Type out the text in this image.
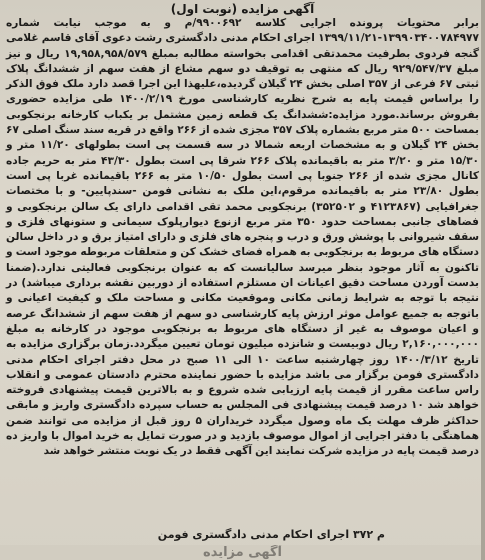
آگهی مزایده (نوبت اول)

برابر محتویات پرونده اجرایی کلاسه ۹۹۰۰۶۹۲/م و به موجب نیابت شماره ۱۳۹۹۰۳۴۰۰۷۸۴۹۷۷-۱۳۹۹/۱۱/۲۱ اجرای احکام مدنی دادگستری رشت دعوی آقای قاسم غلامی گنجه فردوی بطرفیت محمدتقی اقدامی بخواسته مطالبه بمبلغ ۱۹,۹۵۸,۹۵۸/۵۷۹ ریال و نیز مبلغ ۹۲۹/۵۴۷/۳۷ ریال که منتهی به توقیف دو سهم مشاع از هفت سهم از ششدانگ پلاک ثبتی ۶۷ فرعی از ۳۵۷ اصلی بخش ۲۴ گیلان گردیده،علیهذا این اجرا قصد دارد ملک فوق الذکر را براساس قیمت پایه به شرح نظریه کارشناسی مورخ ۱۴۰۰/۲/۱۹ طی مزایده حضوری بفروش برساند.مورد مزایده:ششدانگ یک قطعه زمین مشتمل بر یکباب کارخانه برنجکوبی بمساحت ۵۰۰ متر مربع بشماره پلاک ۳۵۷ مجزی شده از ۲۶۶ واقع در قریه سند سنگ اصلی ۶۷ بخش ۲۴ گیلان و به مشخصات اربعه شمالا در سه قسمت پی است بطولهای ۱۱/۲۰ متر و ۱۵/۳۰ متر و ۳/۲۰ متر به باقیمانده پلاک ۲۶۶ شرقا پی است بطول ۴۳/۳۰ متر به حریم جاده کانال مجزی شده از ۲۶۶ جنوبا پی است بطول ۱۰/۵۰ متر به ۲۶۶ باقیمانده غربا پی است بطول ۲۳/۸۰ متر به باقیمانده مرقوم،این ملک به نشانی فومن -سندپایین- و با مختصات جغرافیایی (۴۱۲۳۸۶۷ و ۳۵۲۵۰۲) برنجکوبی محمد تقی اقدامی دارای یک سالن برنجکوبی و فضاهای جانبی بمساحت حدود ۳۵۰ متر مربع ازنوع دیوارپلوک سیمانی و ستونهای فلزی و سقف شیروانی با پوشش ورق و درب و پنجره های فلزی و دارای امتیاز برق و در داخل سالن دستگاه های مربوط به برنجکوبی به همراه فضای خشک کن و متعلقات مربوطه موجود است و تاکنون به آثار موجود بنظر میرسد سالیانست که به عنوان برنجکوبی فعالیتی ندارد.(ضمنا بدست آوردن مساحت دقیق اعیانات ان مستلزم استفاده از دوربین نقشه برداری میباشد) در نتیجه با توجه به شرایط زمانی مکانی وموقعیت مکانی و مساحت ملک و کیفیت اعیانی و باتوجه به جمیع عوامل موثر ارزش پایه کارشناسی دو سهم از هفت سهم از ششدانگ عرصه و اعیان موصوف به غیر از دستگاه های مربوط به برنجکوبی موجود در کارخانه به مبلغ ۲,۱۶۰,۰۰۰,۰۰۰ ریال دوبیست و شانزده میلیون تومان تعیین میگردد.زمان برگزاری مزایده به تاریخ ۱۴۰۰/۳/۱۲ روز چهارشنبه ساعت ۱۰ الی ۱۱ صبح در محل دفتر اجرای احکام مدنی دادگستری فومن برگزار می باشد مزایده با حضور نماینده محترم دادستان عمومی و انقلاب راس ساعت مقرر از قیمت پایه ارزیابی شده شروع و به بالاترین قیمت پیشنهادی فروخته خواهد شد ۱۰ درصد قیمت پیشنهادی فی المجلس به حساب سپرده دادگستری واریز و مابقی حداکثر ظرف مهلت یک ماه وصول میگردد خریداران ۵ روز قبل از مزایده می توانند ضمن هماهنگی با دفتر اجرایی از اموال موصوف بازدید و در صورت تمایل به خرید اموال با واریز ده درصد قیمت پایه در مزایده شرکت نمایند این آگهی فقط در یک نوبت منتشر خواهد شد

م ۳۷۲ اجرای احکام مدنی دادگستری فومن
آگهی مزایده
